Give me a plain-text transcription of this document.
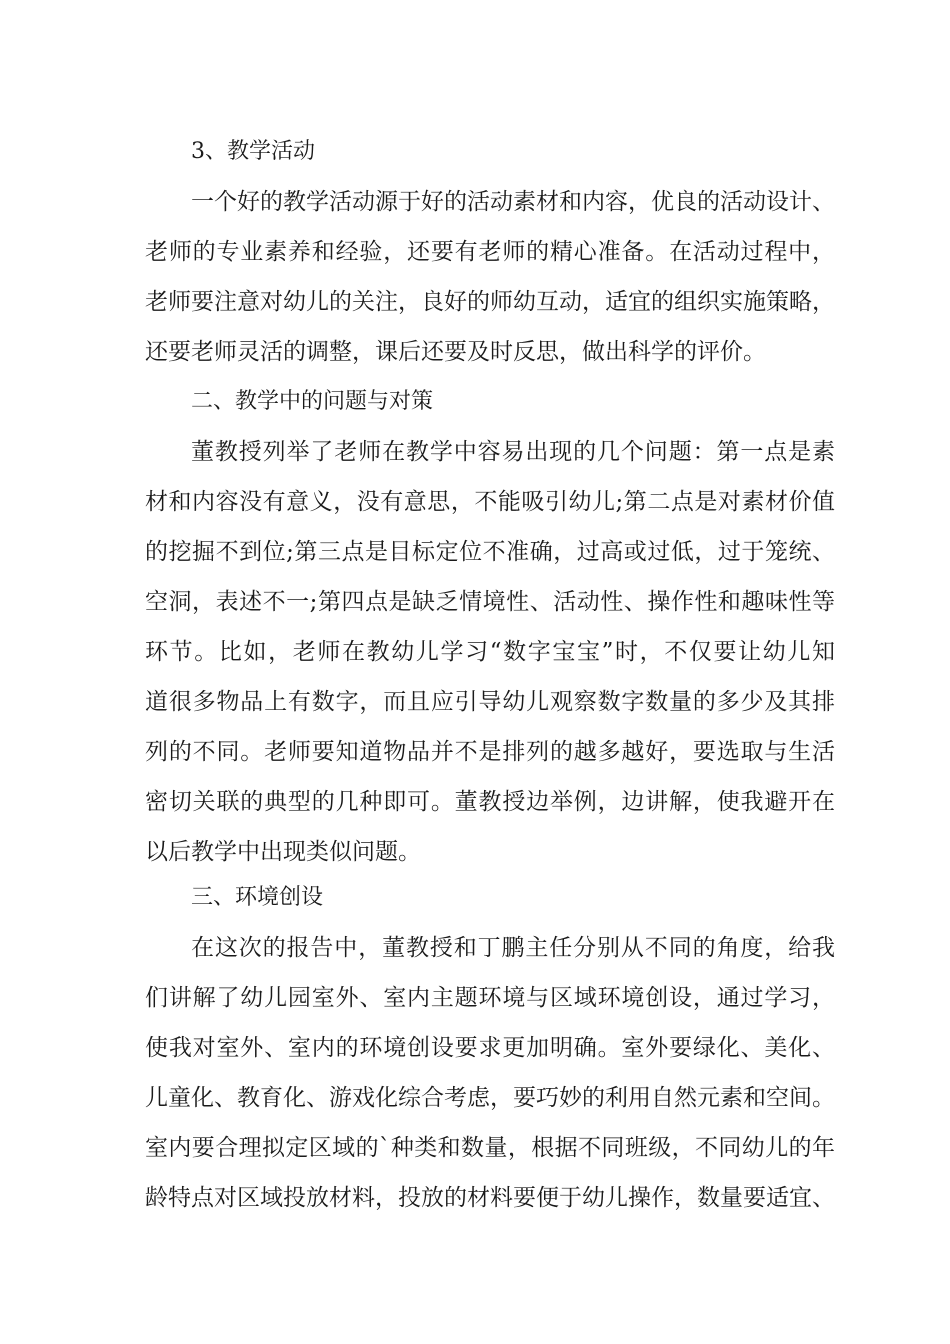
3、教学活动
一个好的教学活动源于好的活动素材和内容，优良的活动设计、
老师的专业素养和经验，还要有老师的精心准备。在活动过程中，
老师要注意对幼儿的关注，良好的师幼互动，适宜的组织实施策略，
还要老师灵活的调整，课后还要及时反思，做出科学的评价。
二、教学中的问题与对策
董教授列举了老师在教学中容易出现的几个问题：第一点是素
材和内容没有意义，没有意思，不能吸引幼儿;第二点是对素材价值
的挖掘不到位;第三点是目标定位不准确，过高或过低，过于笼统、
空洞，表述不一;第四点是缺乏情境性、活动性、操作性和趣味性等
环节。比如，老师在教幼儿学习“数字宝宝”时，不仅要让幼儿知
道很多物品上有数字，而且应引导幼儿观察数字数量的多少及其排
列的不同。老师要知道物品并不是排列的越多越好，要选取与生活
密切关联的典型的几种即可。董教授边举例，边讲解，使我避开在
以后教学中出现类似问题。
三、环境创设
在这次的报告中，董教授和丁鹏主任分别从不同的角度，给我
们讲解了幼儿园室外、室内主题环境与区域环境创设，通过学习，
使我对室外、室内的环境创设要求更加明确。室外要绿化、美化、
儿童化、教育化、游戏化综合考虑，要巧妙的利用自然元素和空间。
室内要合理拟定区域的`种类和数量，根据不同班级，不同幼儿的年
龄特点对区域投放材料，投放的材料要便于幼儿操作，数量要适宜、
